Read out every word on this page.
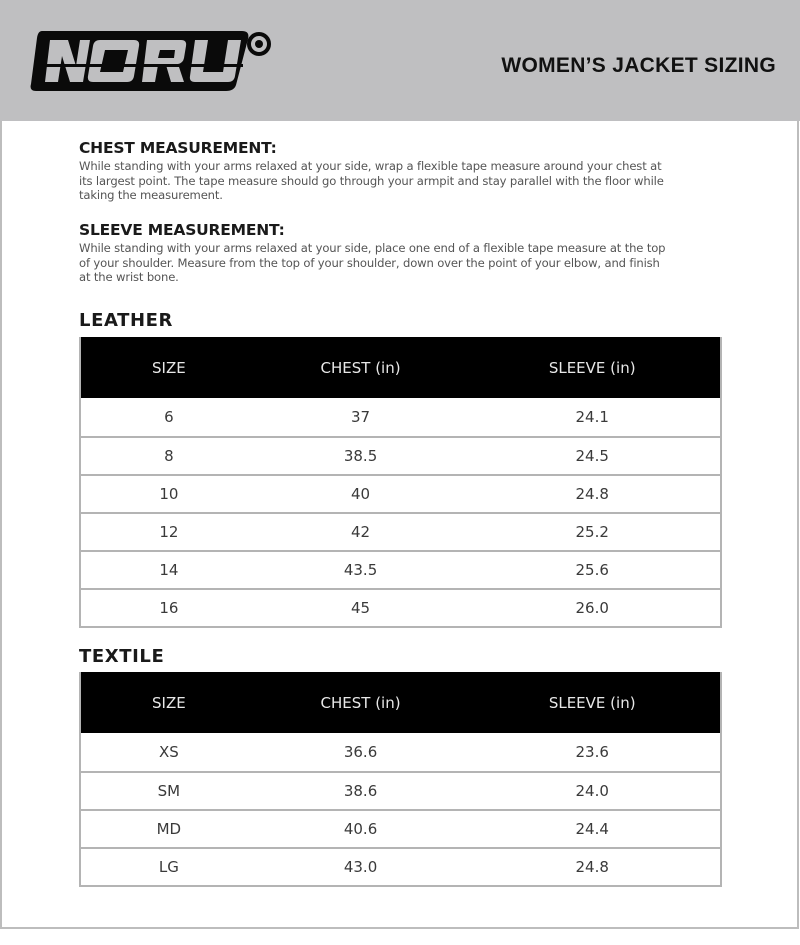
WOMEN’S JACKET SIZING
CHEST MEASUREMENT:
While standing with your arms relaxed at your side, wrap a flexible tape measure around your chest at
its largest point. The tape measure should go through your armpit and stay parallel with the floor while
taking the measurement.
SLEEVE MEASUREMENT:
While standing with your arms relaxed at your side, place one end of a flexible tape measure at the top
of your shoulder. Measure from the top of your shoulder, down over the point of your elbow, and finish
at the wrist bone.
LEATHER
SIZE	CHEST (in)	SLEEVE (in)
6	37	24.1
8	38.5	24.5
10	40	24.8
12	42	25.2
14	43.5	25.6
16	45	26.0
TEXTILE
SIZE	CHEST (in)	SLEEVE (in)
XS	36.6	23.6
SM	38.6	24.0
MD	40.6	24.4
LG	43.0	24.8
